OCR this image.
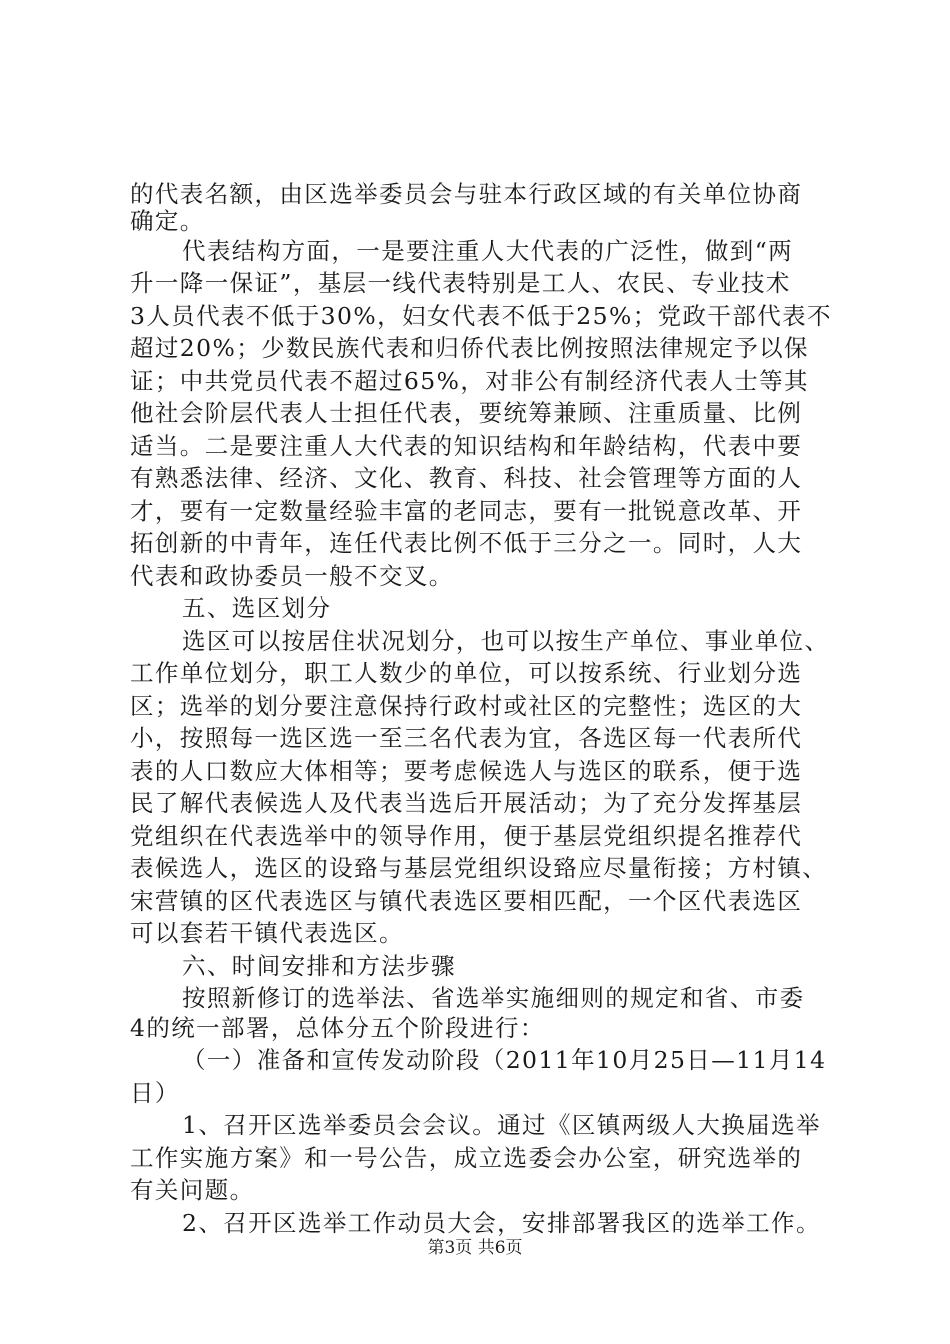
的代表名额，由区选举委员会与驻本行政区域的有关单位协商
确定。
代表结构方面，一是要注重人大代表的广泛性，做到“两
升一降一保证”，基层一线代表特别是工人、农民、专业技术
3人员代表不低于30%，妇女代表不低于25%；党政干部代表不
超过20%；少数民族代表和归侨代表比例按照法律规定予以保
证；中共党员代表不超过65%，对非公有制经济代表人士等其
他社会阶层代表人士担任代表，要统筹兼顾、注重质量、比例
适当。二是要注重人大代表的知识结构和年龄结构，代表中要
有熟悉法律、经济、文化、教育、科技、社会管理等方面的人
才，要有一定数量经验丰富的老同志，要有一批锐意改革、开
拓创新的中青年，连任代表比例不低于三分之一。同时，人大
代表和政协委员一般不交叉。
五、选区划分
选区可以按居住状况划分，也可以按生产单位、事业单位、
工作单位划分，职工人数少的单位，可以按系统、行业划分选
区；选举的划分要注意保持行政村或社区的完整性；选区的大
小，按照每一选区选一至三名代表为宜，各选区每一代表所代
表的人口数应大体相等；要考虑候选人与选区的联系，便于选
民了解代表候选人及代表当选后开展活动；为了充分发挥基层
党组织在代表选举中的领导作用，便于基层党组织提名推荐代
表候选人，选区的设臵与基层党组织设臵应尽量衔接；方村镇、
宋营镇的区代表选区与镇代表选区要相匹配，一个区代表选区
可以套若干镇代表选区。
六、时间安排和方法步骤
按照新修订的选举法、省选举实施细则的规定和省、市委
4的统一部署，总体分五个阶段进行：
（一）准备和宣传发动阶段（2011年10月25日—11月14
日）
1、召开区选举委员会会议。通过《区镇两级人大换届选举
工作实施方案》和一号公告，成立选委会办公室，研究选举的
有关问题。
2、召开区选举工作动员大会，安排部署我区的选举工作。
第3页 共6页
